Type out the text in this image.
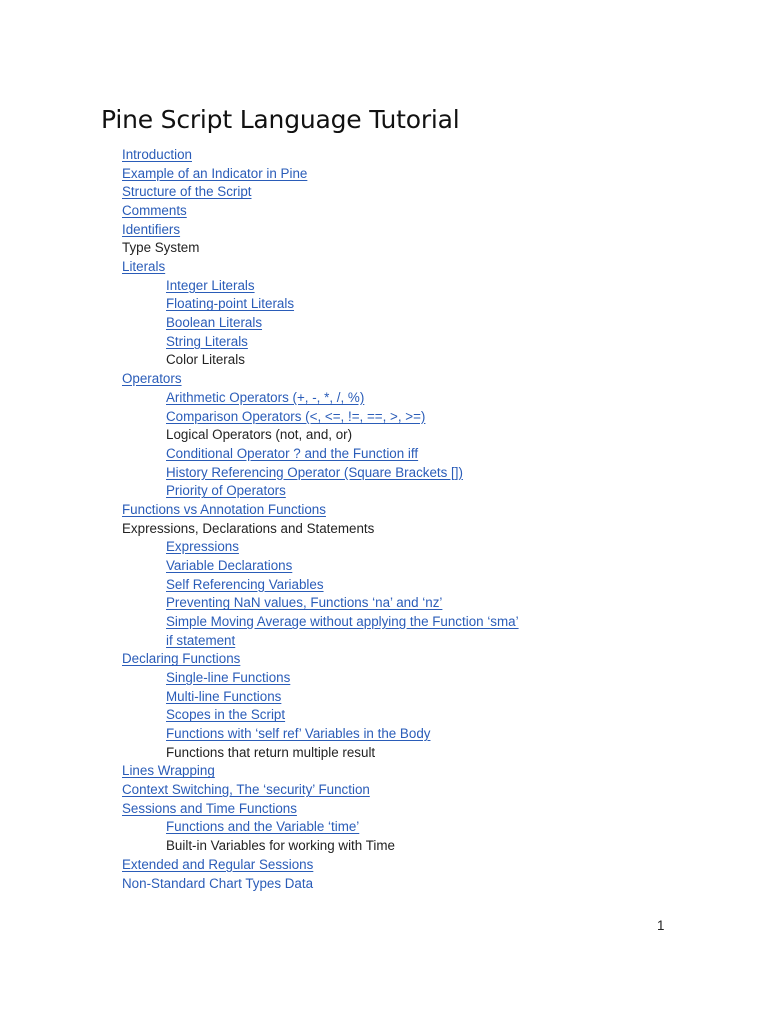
Pine Script Language Tutorial
Introduction
Example of an Indicator in Pine
Structure of the Script
Comments
Identifiers
Type System
Literals
Integer Literals
Floating-point Literals
Boolean Literals
String Literals
Color Literals
Operators
Arithmetic Operators (+, -, *, /, %)
Comparison Operators (<, <=, !=, ==, >, >=)
Logical Operators (not, and, or)
Conditional Operator ? and the Function iff
History Referencing Operator (Square Brackets [])
Priority of Operators
Functions vs Annotation Functions
Expressions, Declarations and Statements
Expressions
Variable Declarations
Self Referencing Variables
Preventing NaN values, Functions ‘na’ and ‘nz’
Simple Moving Average without applying the Function ‘sma’
if statement
Declaring Functions
Single-line Functions
Multi-line Functions
Scopes in the Script
Functions with ‘self ref’ Variables in the Body
Functions that return multiple result
Lines Wrapping
Context Switching, The ‘security’ Function
Sessions and Time Functions
Functions and the Variable ‘time’
Built-in Variables for working with Time
Extended and Regular Sessions
Non-Standard Chart Types Data
1
